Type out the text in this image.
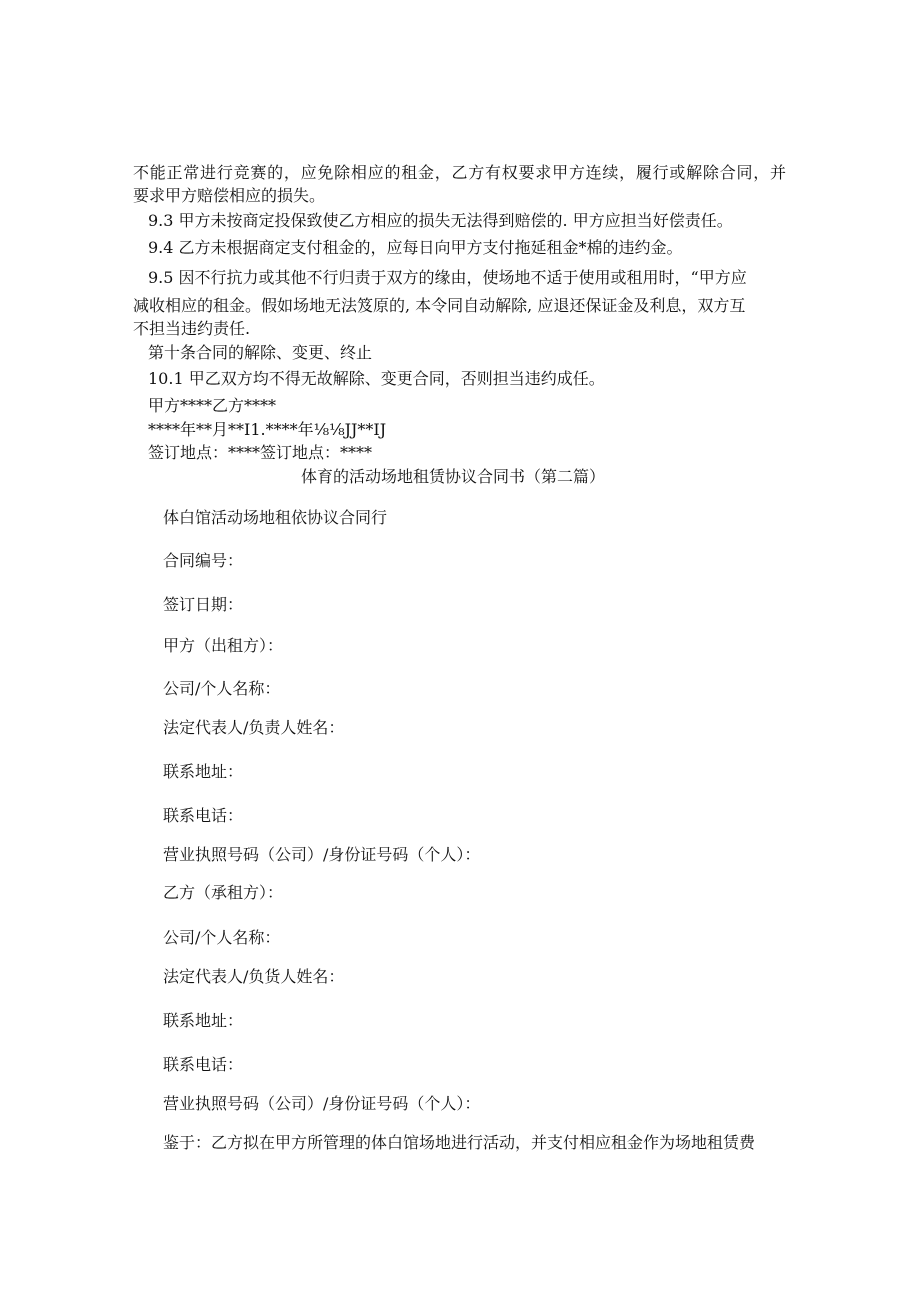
不能正常进行竞赛的，应免除相应的租金，乙方有权要求甲方连续，履行或解除合同，并
要求甲方赔偿相应的损失。
9.3 甲方未按商定投保致使乙方相应的损失无法得到赔偿的. 甲方应担当好偿责任。
9.4 乙方未根据商定支付租金的，应每日向甲方支付拖延租金*棉的违约金。
9.5 因不行抗力或其他不行归责于双方的缘由，使场地不适于使用或租用时，“甲方应
减收相应的租金。假如场地无法笈原的, 本令同自动解除, 应退还保证金及利息，双方互
不担当违约责任.
第十条合同的解除、变更、终止
10.1 甲乙双方均不得无故解除、变更合同，否则担当违约成任。
甲方****乙方****
****年**月**I1.****年⅛⅛JJ**IJ
签订地点：****签订地点：****
体育的活动场地租赁协议合同书（第二篇）
体白馆活动场地租依协议合同行
合同编号：
签订日期：
甲方（出租方）：
公司/个人名称：
法定代表人/负责人姓名：
联系地址：
联系电话：
营业执照号码（公司）/身份证号码（个人）：
乙方（承租方）：
公司/个人名称：
法定代表人/负货人姓名：
联系地址：
联系电话：
营业执照号码（公司）/身份证号码（个人）：
鉴于：乙方拟在甲方所管理的体白馆场地进行活动，并支付相应租金作为场地租赁费
